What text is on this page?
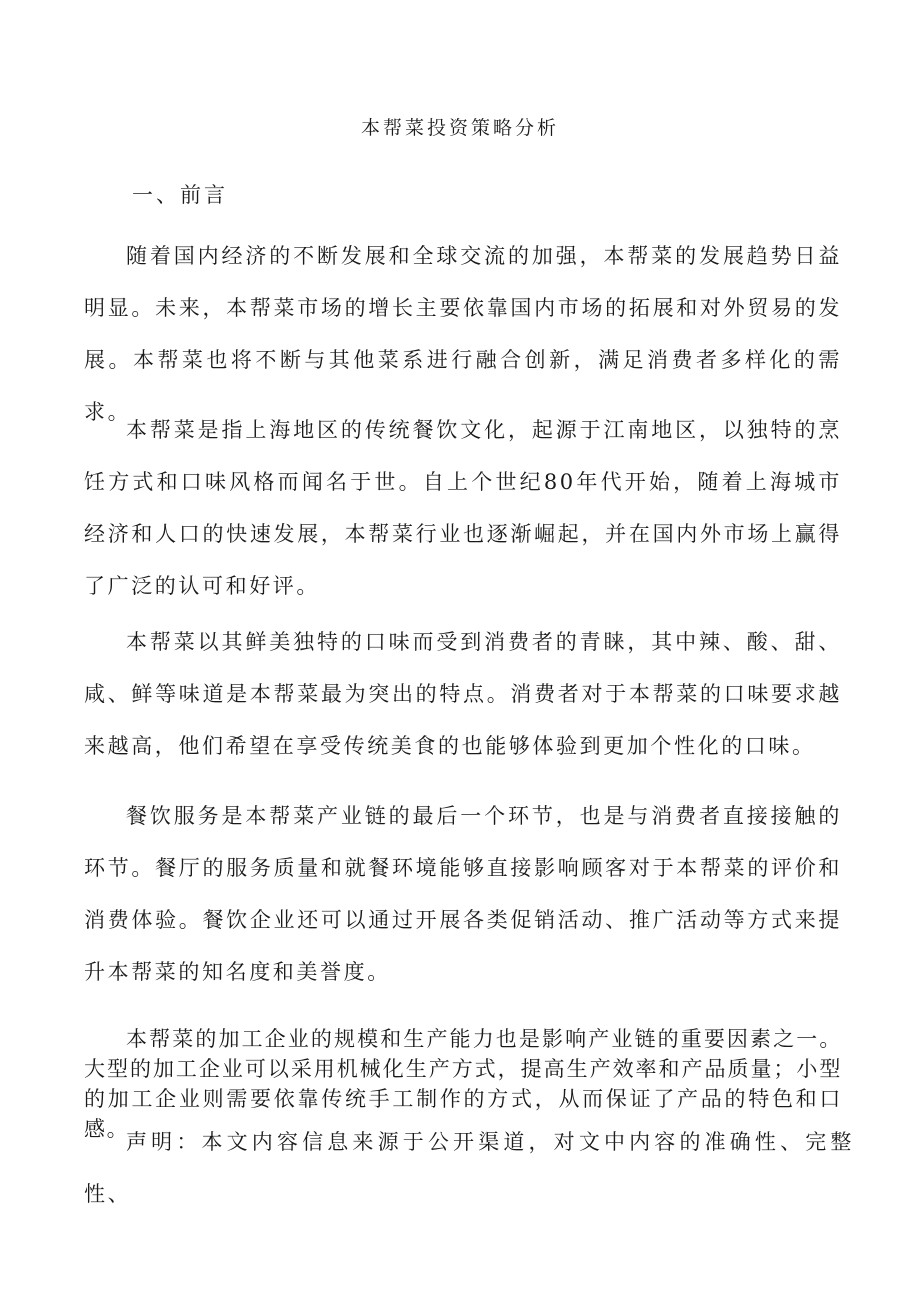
本帮菜投资策略分析
一、前言

随着国内经济的不断发展和全球交流的加强，本帮菜的发展趋势日益明显。未来，本帮菜市场的增长主要依靠国内市场的拓展和对外贸易的发展。本帮菜也将不断与其他菜系进行融合创新，满足消费者多样化的需求。

本帮菜是指上海地区的传统餐饮文化，起源于江南地区，以独特的烹饪方式和口味风格而闻名于世。自上个世纪80年代开始，随着上海城市经济和人口的快速发展，本帮菜行业也逐渐崛起，并在国内外市场上赢得了广泛的认可和好评。

本帮菜以其鲜美独特的口味而受到消费者的青睐，其中辣、酸、甜、咸、鲜等味道是本帮菜最为突出的特点。消费者对于本帮菜的口味要求越来越高，他们希望在享受传统美食的也能够体验到更加个性化的口味。

餐饮服务是本帮菜产业链的最后一个环节，也是与消费者直接接触的环节。餐厅的服务质量和就餐环境能够直接影响顾客对于本帮菜的评价和消费体验。餐饮企业还可以通过开展各类促销活动、推广活动等方式来提升本帮菜的知名度和美誉度。

本帮菜的加工企业的规模和生产能力也是影响产业链的重要因素之一。大型的加工企业可以采用机械化生产方式，提高生产效率和产品质量；小型的加工企业则需要依靠传统手工制作的方式，从而保证了产品的特色和口感。

声明：本文内容信息来源于公开渠道，对文中内容的准确性、完整性、
